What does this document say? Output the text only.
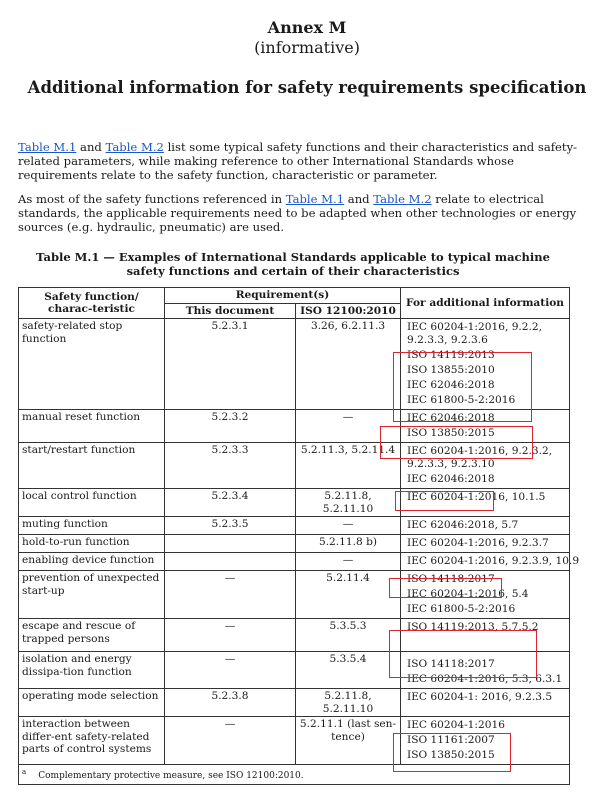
Annex M
(informative)
Additional information for safety requirements specification

Table M.1 and Table M.2 list some typical safety functions and their characteristics and safety-related parameters, while making reference to other International Standards whose requirements relate to the safety function, characteristic or parameter.

As most of the safety functions referenced in Table M.1 and Table M.2 relate to electrical standards, the applicable requirements need to be adapted when other technologies or energy sources (e.g. hydraulic, pneumatic) are used.

Table M.1 — Examples of International Standards applicable to typical machine safety functions and certain of their characteristics
Safety function/ charac-teristic	Requirement(s)		For additional information
	This document	ISO 12100:2010	
safety-related stop function	5.2.3.1	3.26, 6.2.11.3	IEC 60204-1:2016, 9.2.2, 9.2.3.3, 9.2.3.6
ISO 14119:2013
ISO 13855:2010
IEC 62046:2018
IEC 61800-5-2:2016

manual reset function	5.2.3.2	—	IEC 62046:2018
ISO 13850:2015

start/restart function	5.2.3.3	5.2.11.3, 5.2.11.4	IEC 60204-1:2016, 9.2.3.2, 9.2.3.3, 9.2.3.10
IEC 62046:2018

local control function	5.2.3.4	5.2.11.8, 5.2.11.10	IEC 60204-1:2016, 10.1.5

muting function	5.2.3.5	—	IEC 62046:2018, 5.7

hold-to-run function		5.2.11.8 b)	IEC 60204-1:2016, 9.2.3.7

enabling device function		—	IEC 60204-1:2016, 9.2.3.9, 10.9

prevention of unexpected start-up	—	5.2.11.4	ISO 14118:2017
IEC 60204-1:2016, 5.4
IEC 61800-5-2:2016

escape and rescue of trapped persons	—	5.3.5.3	ISO 14119:2013, 5.7.5.2

isolation and energy dissipa-tion function	—	5.3.5.4	ISO 14118:2017
IEC 60204-1:2016, 5.3, 6.3.1

operating mode selection	5.2.3.8	5.2.11.8, 5.2.11.10	IEC 60204-1: 2016, 9.2.3.5

interaction between differ-ent safety-related parts of control systems	—	5.2.11.1 (last sen-tence)	IEC 60204-1:2016
ISO 11161:2007
ISO 13850:2015

$^a$ Complementary protective measure, see ISO 12100:2010.			
